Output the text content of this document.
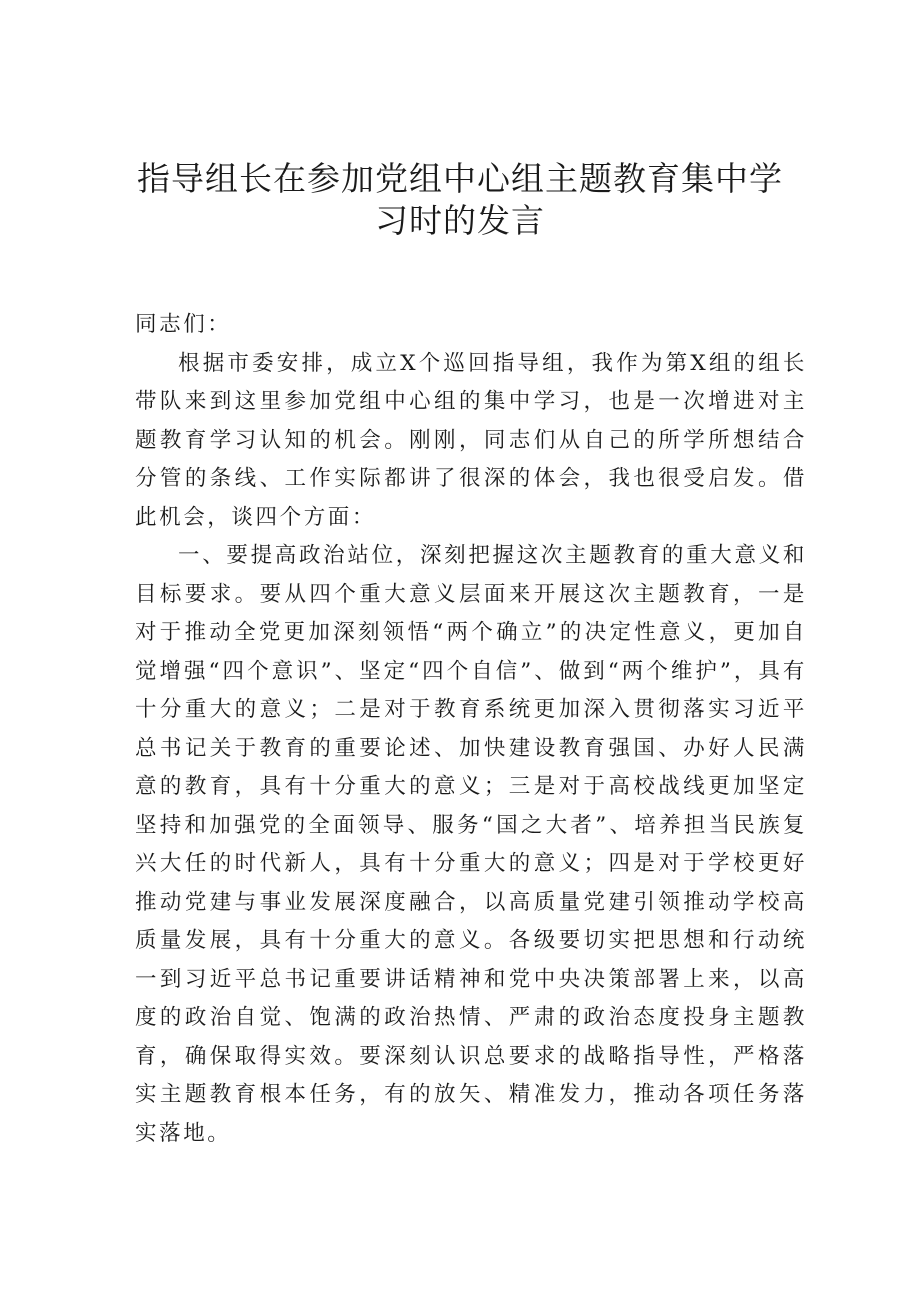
指导组长在参加党组中心组主题教育集中学习时的发言

同志们：

根据市委安排，成立X个巡回指导组，我作为第X组的组长带队来到这里参加党组中心组的集中学习，也是一次增进对主题教育学习认知的机会。刚刚，同志们从自己的所学所想结合分管的条线、工作实际都讲了很深的体会，我也很受启发。借此机会，谈四个方面：

一、要提高政治站位，深刻把握这次主题教育的重大意义和目标要求。要从四个重大意义层面来开展这次主题教育，一是对于推动全党更加深刻领悟“两个确立”的决定性意义，更加自觉增强“四个意识”、坚定“四个自信”、做到“两个维护”，具有十分重大的意义；二是对于教育系统更加深入贯彻落实习近平总书记关于教育的重要论述、加快建设教育强国、办好人民满意的教育，具有十分重大的意义；三是对于高校战线更加坚定坚持和加强党的全面领导、服务“国之大者”、培养担当民族复兴大任的时代新人，具有十分重大的意义；四是对于学校更好推动党建与事业发展深度融合，以高质量党建引领推动学校高质量发展，具有十分重大的意义。各级要切实把思想和行动统一到习近平总书记重要讲话精神和党中央决策部署上来，以高度的政治自觉、饱满的政治热情、严肃的政治态度投身主题教育，确保取得实效。要深刻认识总要求的战略指导性，严格落实主题教育根本任务，有的放矢、精准发力，推动各项任务落实落地。
